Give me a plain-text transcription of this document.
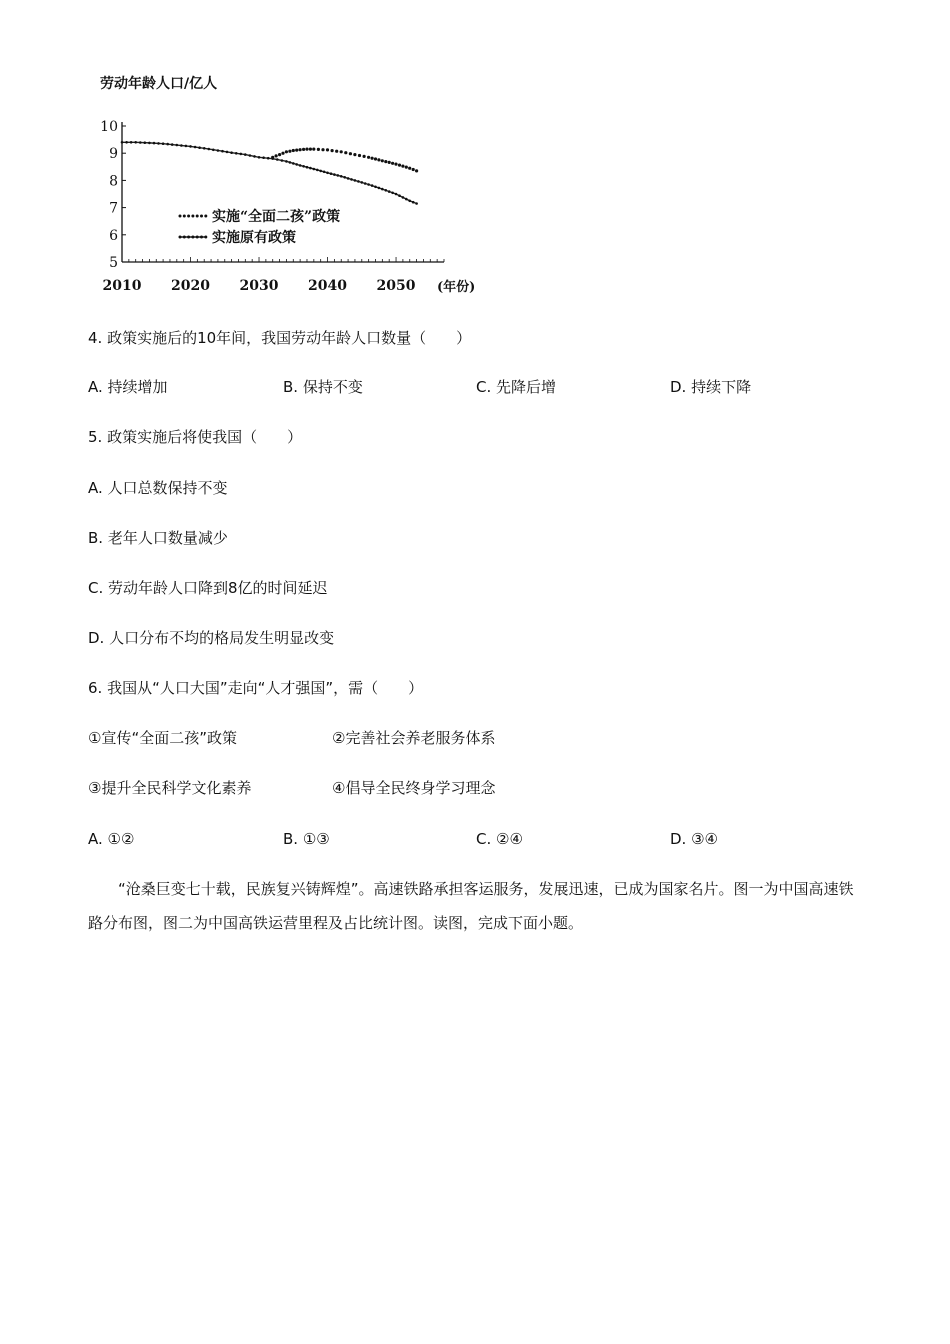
劳动年龄人口/亿人
(年份)
5
6
7
8
9
10
2010 2020 2030 2040 2050
实施“全面二孩”政策
实施原有政策
4. 政策实施后的10年间，我国劳动年龄人口数量（　　）
A. 持续增加	B. 保持不变	C. 先降后增	D. 持续下降
5. 政策实施后将使我国（　　）
A. 人口总数保持不变
B. 老年人口数量减少
C. 劳动年龄人口降到8亿的时间延迟
D. 人口分布不均的格局发生明显改变
6. 我国从“人口大国”走向“人才强国”，需（　　）
①宣传“全面二孩”政策	②完善社会养老服务体系
③提升全民科学文化素养	④倡导全民终身学习理念
A. ①②	B. ①③	C. ②④	D. ③④
　　“沧桑巨变七十载，民族复兴铸辉煌”。高速铁路承担客运服务，发展迅速，已成为国家名片。图一为中国高速铁路分布图，图二为中国高铁运营里程及占比统计图。读图，完成下面小题。
